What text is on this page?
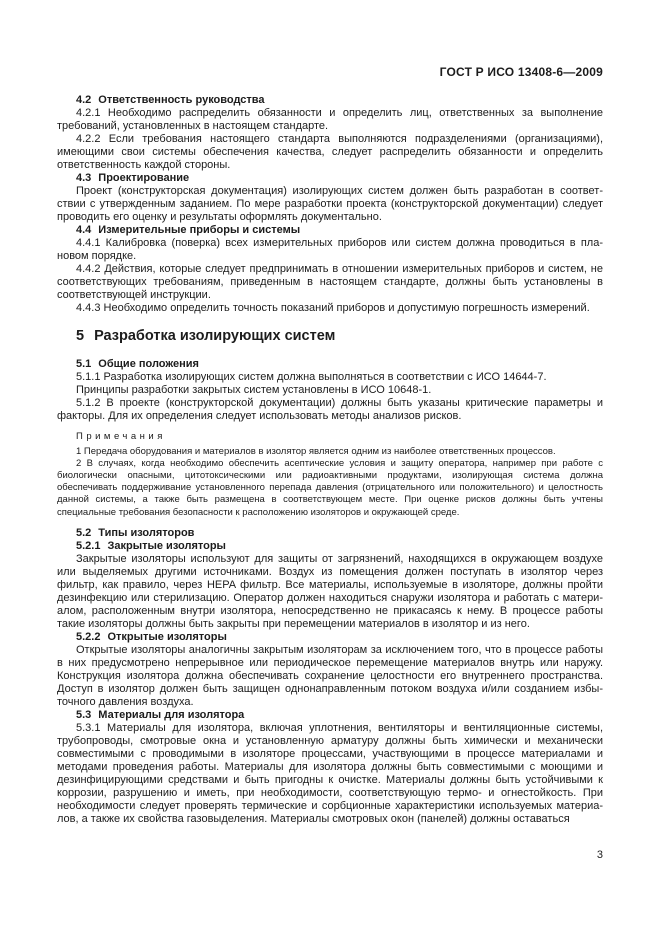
ГОСТ Р ИСО 13408-6—2009
4.2 Ответственность руководства

4.2.1 Необходимо распределить обязанности и определить лиц, ответственных за выполнение требований, установленных в настоящем стандарте.

4.2.2 Если требования настоящего стандарта выполняются подразделениями (организациями), имеющими свои системы обеспечения качества, следует распределить обязанности и определить ответственность каждой стороны.

4.3 Проектирование

Проект (конструкторская документация) изолирующих систем должен быть разработан в соответствии с утвержденным заданием. По мере разработки проекта (конструкторской документации) следует проводить его оценку и результаты оформлять документально.

4.4 Измерительные приборы и системы

4.4.1 Калибровка (поверка) всех измерительных приборов или систем должна проводиться в плановом порядке.

4.4.2 Действия, которые следует предпринимать в отношении измерительных приборов и систем, не соответствующих требованиям, приведенным в настоящем стандарте, должны быть установлены в соответствующей инструкции.

4.4.3 Необходимо определить точность показаний приборов и допустимую погрешность измерений.

5 Разработка изолирующих систем
5.1 Общие положения

5.1.1 Разработка изолирующих систем должна выполняться в соответствии с ИСО 14644-7.

Принципы разработки закрытых систем установлены в ИСО 10648-1.

5.1.2 В проекте (конструкторской документации) должны быть указаны критические параметры и факторы. Для их определения следует использовать методы анализов рисков.

Примечания

1 Передача оборудования и материалов в изолятор является одним из наиболее ответственных процессов.

2 В случаях, когда необходимо обеспечить асептические условия и защиту оператора, например при работе с биологически опасными, цитотоксическими или радиоактивными продуктами, изолирующая система должна обеспечивать поддерживание установленного перепада давления (отрицательного или положительного) и целостность данной системы, а также быть размещена в соответствующем месте. При оценке рисков должны быть учтены специальные требования безопасности к расположению изоляторов и окружающей среде.

5.2 Типы изоляторов
5.2.1 Закрытые изоляторы

Закрытые изоляторы используют для защиты от загрязнений, находящихся в окружающем воздухе или выделяемых другими источниками. Воздух из помещения должен поступать в изолятор через фильтр, как правило, через HEPA фильтр. Все материалы, используемые в изоляторе, должны пройти дезинфекцию или стерилизацию. Оператор должен находиться снаружи изолятора и работать с материалом, расположенным внутри изолятора, непосредственно не прикасаясь к нему. В процессе работы такие изоляторы должны быть закрыты при перемещении материалов в изолятор и из него.

5.2.2 Открытые изоляторы

Открытые изоляторы аналогичны закрытым изоляторам за исключением того, что в процессе работы в них предусмотрено непрерывное или периодическое перемещение материалов внутрь или наружу. Конструкция изолятора должна обеспечивать сохранение целостности его внутреннего пространства. Доступ в изолятор должен быть защищен однонаправленным потоком воздуха и/или созданием избыточного давления воздуха.

5.3 Материалы для изолятора

5.3.1 Материалы для изолятора, включая уплотнения, вентиляторы и вентиляционные системы, трубопроводы, смотровые окна и установленную арматуру должны быть химически и механически совместимыми с проводимыми в изоляторе процессами, участвующими в процессе материалами и методами проведения работы. Материалы для изолятора должны быть совместимыми с моющими и дезинфицирующими средствами и быть пригодны к очистке. Материалы должны быть устойчивыми к коррозии, разрушению и иметь, при необходимости, соответствующую термо- и огнестойкость. При необходимости следует проверять термические и сорбционные характеристики используемых материалов, а также их свойства газовыделения. Материалы смотровых окон (панелей) должны оставаться

3
